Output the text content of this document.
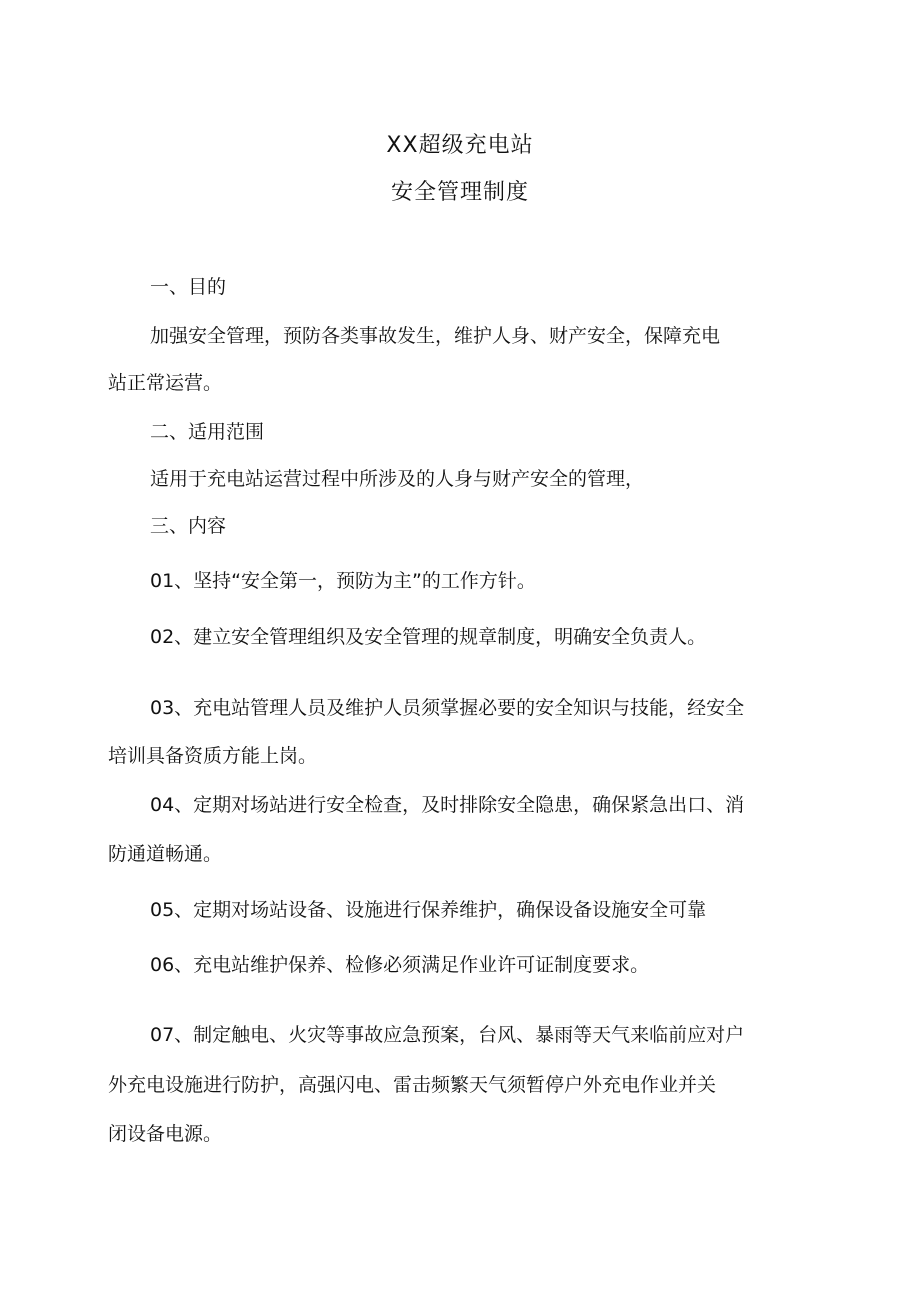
XX超级充电站
安全管理制度
一、目的
加强安全管理，预防各类事故发生，维护人身、财产安全，保障充电
站正常运营。
二、适用范围
适用于充电站运营过程中所涉及的人身与财产安全的管理，
三、内容
01、坚持“安全第一，预防为主”的工作方针。
02、建立安全管理组织及安全管理的规章制度，明确安全负责人。
03、充电站管理人员及维护人员须掌握必要的安全知识与技能，经安全
培训具备资质方能上岗。
04、定期对场站进行安全检查，及时排除安全隐患，确保紧急出口、消
防通道畅通。
05、定期对场站设备、设施进行保养维护，确保设备设施安全可靠
06、充电站维护保养、检修必须满足作业许可证制度要求。
07、制定触电、火灾等事故应急预案，台风、暴雨等天气来临前应对户
外充电设施进行防护，高强闪电、雷击频繁天气须暂停户外充电作业并关
闭设备电源。
